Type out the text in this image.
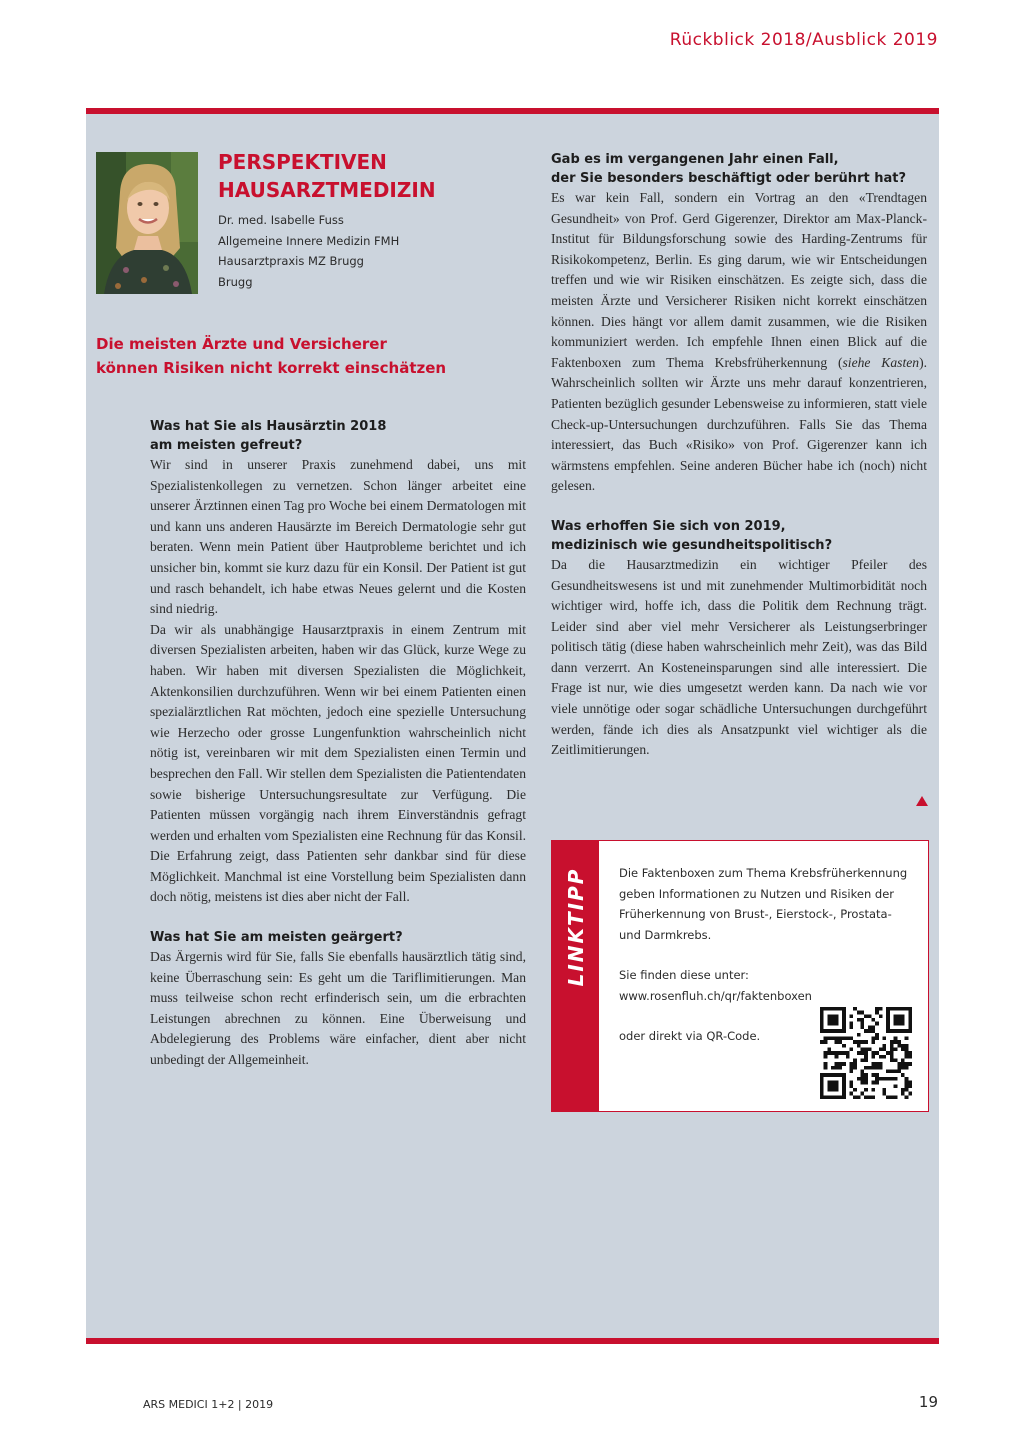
Rückblick 2018/Ausblick 2019
PERSPEKTIVEN
HAUSARZTMEDIZIN
Dr. med. Isabelle Fuss
Allgemeine Innere Medizin FMH
Hausarztpraxis MZ Brugg
Brugg
Die meisten Ärzte und Versicherer
können Risiken nicht korrekt einschätzen
Was hat Sie als Hausärztin 2018
am meisten gefreut?

Wir sind in unserer Praxis zunehmend dabei, uns mit Spezialistenkollegen zu vernetzen. Schon länger arbeitet eine unserer Ärztinnen einen Tag pro Woche bei einem Dermatologen mit und kann uns anderen Hausärzte im Bereich Dermatologie sehr gut beraten. Wenn mein Patient über Hautprobleme berichtet und ich unsicher bin, kommt sie kurz dazu für ein Konsil. Der Patient ist gut und rasch behandelt, ich habe etwas Neues gelernt und die Kosten sind niedrig.

Da wir als unabhängige Hausarztpraxis in einem Zentrum mit diversen Spezialisten arbeiten, haben wir das Glück, kurze Wege zu haben. Wir haben mit diversen Spezialisten die Möglichkeit, Aktenkonsilien durchzuführen. Wenn wir bei einem Patienten einen spezialärztlichen Rat möchten, jedoch eine spezielle Untersuchung wie Herzecho oder grosse Lungenfunktion wahrscheinlich nicht nötig ist, vereinbaren wir mit dem Spezialisten einen Termin und besprechen den Fall. Wir stellen dem Spezialisten die Patientendaten sowie bisherige Untersuchungsresultate zur Verfügung. Die Patienten müssen vorgängig nach ihrem Einverständnis gefragt werden und erhalten vom Spezialisten eine Rechnung für das Konsil. Die Erfahrung zeigt, dass Patienten sehr dankbar sind für diese Möglichkeit. Manchmal ist eine Vorstellung beim Spezialisten dann doch nötig, meistens ist dies aber nicht der Fall.

Was hat Sie am meisten geärgert?

Das Ärgernis wird für Sie, falls Sie ebenfalls hausärztlich tätig sind, keine Überraschung sein: Es geht um die Tariflimitierungen. Man muss teilweise schon recht erfinderisch sein, um die erbrachten Leistungen abrechnen zu können. Eine Überweisung und Abdelegierung des Problems wäre einfacher, dient aber nicht unbedingt der Allgemeinheit.

Gab es im vergangenen Jahr einen Fall,
der Sie besonders beschäftigt oder berührt hat?

Es war kein Fall, sondern ein Vortrag an den «Trendtagen Gesundheit» von Prof. Gerd Gigerenzer, Direktor am Max-Planck-Institut für Bildungsforschung sowie des Harding-Zentrums für Risikokompetenz, Berlin. Es ging darum, wie wir Entscheidungen treffen und wie wir Risiken einschätzen. Es zeigte sich, dass die meisten Ärzte und Versicherer Risiken nicht korrekt einschätzen können. Dies hängt vor allem damit zusammen, wie die Risiken kommuniziert werden. Ich empfehle Ihnen einen Blick auf die Faktenboxen zum Thema Krebsfrüherkennung (siehe Kasten). Wahrscheinlich sollten wir Ärzte uns mehr darauf konzentrieren, Patienten bezüglich gesunder Lebensweise zu informieren, statt viele Check-up-Untersuchungen durchzuführen. Falls Sie das Thema interessiert, das Buch «Risiko» von Prof. Gigerenzer kann ich wärmstens empfehlen. Seine anderen Bücher habe ich (noch) nicht gelesen.

Was erhoffen Sie sich von 2019,
medizinisch wie gesundheitspolitisch?

Da die Hausarztmedizin ein wichtiger Pfeiler des Gesundheitswesens ist und mit zunehmender Multimorbidität noch wichtiger wird, hoffe ich, dass die Politik dem Rechnung trägt. Leider sind aber viel mehr Versicherer als Leistungserbringer politisch tätig (diese haben wahrscheinlich mehr Zeit), was das Bild dann verzerrt. An Kosteneinsparungen sind alle interessiert. Die Frage ist nur, wie dies umgesetzt werden kann. Da nach wie vor viele unnötige oder sogar schädliche Untersuchungen durchgeführt werden, fände ich dies als Ansatzpunkt viel wichtiger als die Zeitlimitierungen.

LINKTIPP	Die Faktenboxen zum Thema Krebsfrüherkennung geben Informationen zu Nutzen und Risiken der Früherkennung von Brust-, Eierstock-, Prostata- und Darmkrebs.
Sie finden diese unter:
www.rosenfluh.ch/qr/faktenboxen
oder direkt via QR-Code.
ARS MEDICI 1+2 | 2019	19
